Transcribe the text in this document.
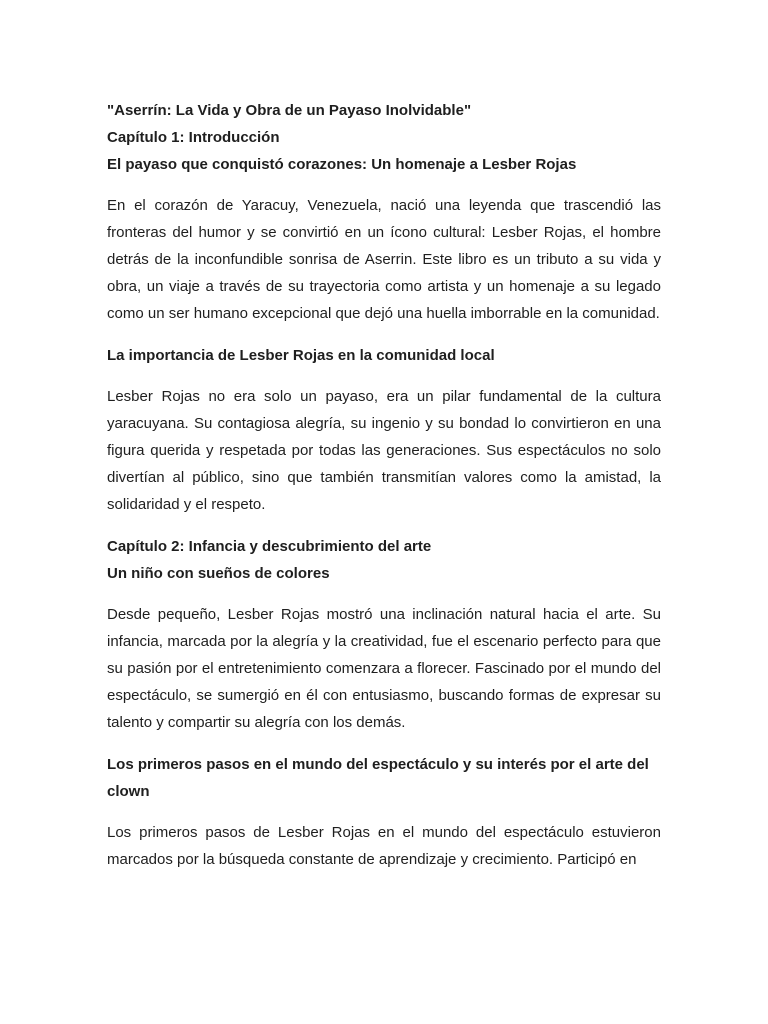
"Aserrín: La Vida y Obra de un Payaso Inolvidable"

Capítulo 1: Introducción

El payaso que conquistó corazones: Un homenaje a Lesber Rojas

En el corazón de Yaracuy, Venezuela, nació una leyenda que trascendió las fronteras del humor y se convirtió en un ícono cultural: Lesber Rojas, el hombre detrás de la inconfundible sonrisa de Aserrin. Este libro es un tributo a su vida y obra, un viaje a través de su trayectoria como artista y un homenaje a su legado como un ser humano excepcional que dejó una huella imborrable en la comunidad.

La importancia de Lesber Rojas en la comunidad local

Lesber Rojas no era solo un payaso, era un pilar fundamental de la cultura yaracuyana. Su contagiosa alegría, su ingenio y su bondad lo convirtieron en una figura querida y respetada por todas las generaciones. Sus espectáculos no solo divertían al público, sino que también transmitían valores como la amistad, la solidaridad y el respeto.

Capítulo 2: Infancia y descubrimiento del arte

Un niño con sueños de colores

Desde pequeño, Lesber Rojas mostró una inclinación natural hacia el arte. Su infancia, marcada por la alegría y la creatividad, fue el escenario perfecto para que su pasión por el entretenimiento comenzara a florecer. Fascinado por el mundo del espectáculo, se sumergió en él con entusiasmo, buscando formas de expresar su talento y compartir su alegría con los demás.

Los primeros pasos en el mundo del espectáculo y su interés por el arte del clown

Los primeros pasos de Lesber Rojas en el mundo del espectáculo estuvieron marcados por la búsqueda constante de aprendizaje y crecimiento. Participó en
